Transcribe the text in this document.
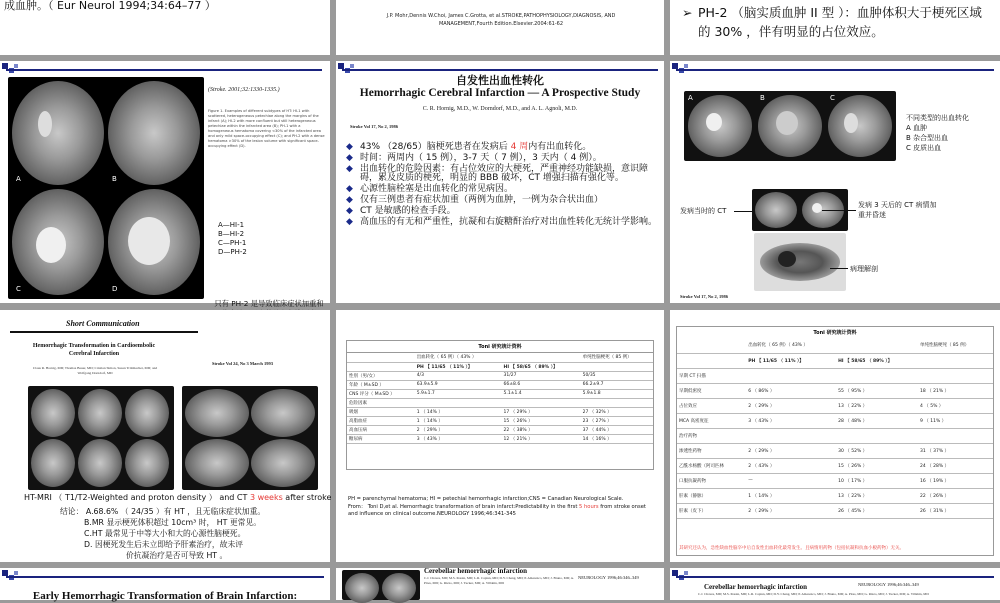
成血肿。（ Eur Neurol 1994;34:64–77 ）
J.P. Mohr,Dennis W.Choi, James C.Grotta, et al.STROKE,PATHOPHYSIOLOGY,DIAGNOSIS, AND MANAGEMENT,Fourth Edition.Elsevier.2004:61-62
➢ PH-2 （脑实质血肿 II 型 ）：血肿体积大于梗死区域的 30% ，伴有明显的占位效应。
A	B
C	D
(Stroke. 2001;32:1330-1335.)
Figure 1. Examples of different subtypes of HT: HI-1 with scattered, heterogeneous petechiae along the margins of the infarct (A); HI-2 with more confluent but still heterogeneous petechiae within the infarcted area (B); PH-1 with a homogeneous hematoma covering <30% of the infarcted area and only mild space-occupying effect (C); and PH-2 with a dense hematoma >30% of the lesion volume with significant space-occupying effect (D).
A—HI-1
B—HI-2
C—PH-1
D—PH-2
只有 PH-2 是导致临床症状加重和
自发性出血性转化
Hemorrhagic Cerebral Infarction — A Prospective Study
C. R. Hornig, M.D., W. Dorndorf, M.D., and A. L. Agnoli, M.D.
Stroke Vol 17, No 2, 1986
◆ 43% （28/65）脑梗死患者在发病后 4 周内有出血转化。
◆ 时间：两周内（ 15 例），3-7 天（ 7 例），3 天内（ 4 例）。
◆ 出血转化的危险因素：有占位效应的大梗死，严重神经功能缺损，意识障碍，累及皮质的梗死，明显的 BBB 破坏，CT 增强扫描有强化等。
◆ 心源性脑栓塞是出血转化的常见病因。
◆ 仅有三例患者有症状加重（两例为血肿，一例为杂合状出血）
◆ CT 是敏感的检查手段。
◆ 高血压的有无和严重性，抗凝和右旋糖酐治疗对出血性转化无统计学影响。
A	B	C
不同类型的出血转化
A 血肿
B 杂合型出血
C 皮质出血
发病当时的 CT
发病 3 天后的 CT 病情加重并昏迷
病理解剖
Stroke Vol 17, No 2, 1986
Short Communication
Hemorrhagic Transformation in Cardioembolic Cerebral Infarction
Claus R. Hornig, MD; Thomas Bauer, MD; Cristian Simon, Susan Trittmacher, MD; and Wolfgang Dorndorf, MD
Stroke Vol 24, No 3 March 1993
HT-MRI （ T1/T2-Weighted and proton density ） and CT 3 weeks after stroke
结论： A.68.6% （ 24/35 ）有 HT ，且无临床症状加重。
B.MR 显示梗死体积超过 10cm³ 时， HT 更常见。
C.HT 最常见于中等大小和大的心源性脑梗死。
D. 因梗死发生后未立即给予肝素治疗，故未评
价抗凝治疗是否可导致 HT 。
Toni 研究统计资料
	出血转化（ 65 例）（ 43% ）		单纯性脑梗死（ 85 例）
	PH 【 11/65 （ 11% ）】	HI 【 58/65 （ 89% ）】	
性别（男/女）	4/3	31/27	50/35
年龄（ M±SD ）	63.9±5.9	66±8.6	66.2±9.7
CNS 评分（ M±SD ）	5.9±1.7	5.1±1.4	5.9±1.8
危险因素			
吸烟	1 （ 14% ）	17 （ 29% ）	27 （ 32% ）
高脂血症	1 （ 14% ）	15 （ 26% ）	23 （ 27% ）
高血压病	2 （ 29% ）	22 （ 38% ）	37 （ 44% ）
糖尿病	3 （ 43% ）	12 （ 21% ）	14 （ 16% ）
PH = parenchymal hematoma; HI = petechial hemorrhagic infarction;CNS = Canadian Neurological Scale.
From： Toni D,et al. Hemorrhagic transformation of brain infarct:Predictability in the first 5 hours from stroke onset and influence on clinical outcome.NEUROLOGY 1996;46:341-345
Toni 研究统计资料
	出血转化（ 65 例）（ 43% ）		单纯性脑梗死（ 85 例）
	PH 【 11/65 （ 11% ）】	HI 【 58/65 （ 89% ）】	
早期 CT 扫描			
早期低密度	6 （ 86% ）	55 （ 95% ）	18 （ 21% ）
占位效应	2 （ 29% ）	13 （ 22% ）	4 （ 5% ）
MCA 高密度征	3 （ 43% ）	28 （ 48% ）	9 （ 11% ）
治疗药物			
渗透性药物	2 （ 29% ）	30 （ 52% ）	31 （ 37% ）
乙酰水杨酸（阿司匹林	2 （ 43% ）	15 （ 26% ）	24 （ 28% ）
口服抗凝药物	—	10 （ 17% ）	16 （ 19% ）
肝素（静脉）	1 （ 14% ）	13 （ 22% ）	22 （ 26% ）
肝素（皮下）	2 （ 29% ）	26 （ 45% ）	26 （ 31% ）
其研究还认为，急性缺血性脑卒中后自发性出血转化最常发生。且病情用药物（包括抗凝和抗血小板药物）无关。
Early Hemorrhagic Transformation of Brain Infarction:
Cerebellar hemorrhagic infarction
C.J. Chaves, MD; M.S. Pessin, MD; L.R. Caplan, MD; D.Y. Chang, MD; P. Amarenco, MD; J. Bruno, MD; A. Pires, MD; G. Rizzo, MD; J. Tucker, MD; A. Villahin, MD
NEUROLOGY 1996;46:346–349
Cerebellar hemorrhagic infarction	NEUROLOGY 1996;46:346–349
C.J. Chaves, MD; M.S. Pessin, MD; L.R. Caplan, MD; D.Y. Chang, MD; P. Amarenco, MD; J. Bruno, MD; A. Pires, MD; G. Rizzo, MD; J. Tucker, MD; A. Villahin, MD
